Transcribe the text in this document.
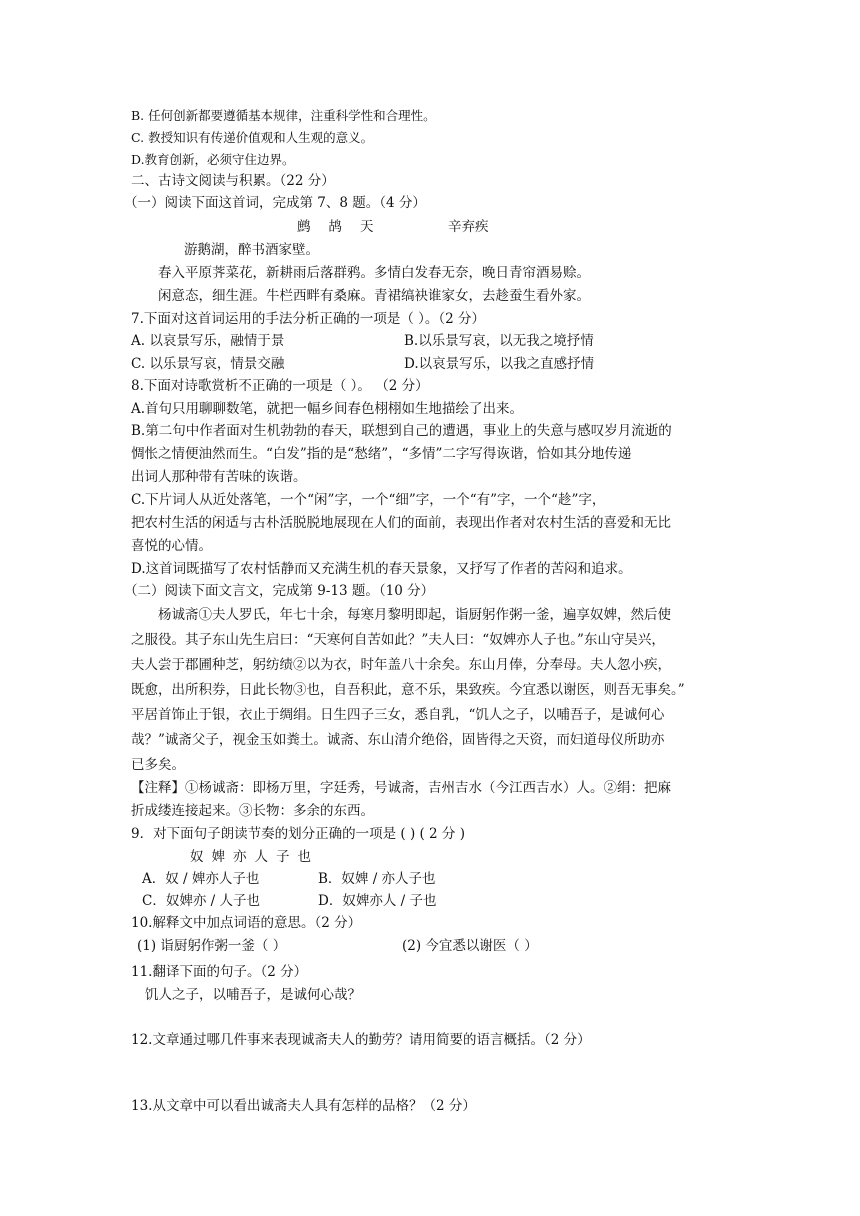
B. 任何创新都要遵循基本规律，注重科学性和合理性。
C. 教授知识有传递价值观和人生观的意义。
D.教育创新，必须守住边界。
二、古诗文阅读与积累。（22 分）
（一）阅读下面这首词，完成第 7、8 题。（4 分）
鹧鸪天	辛弃疾
游鹅湖，醉书酒家壁。
春入平原荠菜花，新耕雨后落群鸦。多情白发春无奈，晚日青帘酒易赊。
闲意态，细生涯。牛栏西畔有桑麻。青裙缟袂谁家女，去趁蚕生看外家。
7.下面对这首词运用的手法分析正确的一项是（ ）。（2 分）
A. 以哀景写乐，融情于景	B.以乐景写哀，以无我之境抒情
C. 以乐景写哀，情景交融	D.以哀景写乐，以我之直感抒情
8.下面对诗歌赏析不正确的一项是（ ）。 （2 分）
A.首句只用聊聊数笔，就把一幅乡间春色栩栩如生地描绘了出来。
B.第二句中作者面对生机勃勃的春天，联想到自己的遭遇，事业上的失意与感叹岁月流逝的
惆怅之情便油然而生。“白发”指的是“愁绪”，“多情”二字写得诙谐，恰如其分地传递
出词人那种带有苦味的诙谐。
C.下片词人从近处落笔，一个“闲”字，一个“细”字，一个“有”字，一个“趁”字，
把农村生活的闲适与古朴活脱脱地展现在人们的面前，表现出作者对农村生活的喜爱和无比
喜悦的心情。
D.这首词既描写了农村恬静而又充满生机的春天景象，又抒写了作者的苦闷和追求。
（二）阅读下面文言文，完成第 9-13 题。（10 分）
杨诚斋①夫人罗氏，年七十余，每寒月黎明即起，诣厨躬作粥一釜，遍享奴婢，然后使
之服役。其子东山先生启曰：“天寒何自苦如此？”夫人曰：“奴婢亦人子也。”东山守吴兴，
夫人尝于郡圃种芝，躬纺绩②以为衣，时年盖八十余矣。东山月俸，分奉母。夫人忽小疾，
既愈，出所积券，日此长物③也，自吾积此，意不乐，果致疾。今宜悉以谢医，则吾无事矣。”
平居首饰止于银，衣止于绸绢。日生四子三女，悉自乳，“饥人之子，以哺吾子，是诚何心
哉？”诚斋父子，视金玉如粪土。诚斋、东山清介绝俗，固皆得之天资，而妇道母仪所助亦
已多矣。
【注释】①杨诚斋：即杨万里，字廷秀，号诚斋，吉州吉水（今江西吉水）人。②绢：把麻
折成缕连接起来。③长物：多余的东西。
9．对下面句子朗读节奏的划分正确的一项是 ( ) ( 2 分 )
奴婢亦人子也
A．奴 / 婢亦人子也	B．奴婢 / 亦人子也
C．奴婢亦 / 人子也	D．奴婢亦人 / 子也
10.解释文中加点词语的意思。（2 分）
(1) 诣厨躬作粥一釜（ ）	(2) 今宜悉以谢医（ ）
11.翻译下面的句子。（2 分）
饥人之子，以哺吾子，是诚何心哉？
12.文章通过哪几件事来表现诚斋夫人的勤劳？请用简要的语言概括。（2 分）
13.从文章中可以看出诚斋夫人具有怎样的品格？（2 分）
